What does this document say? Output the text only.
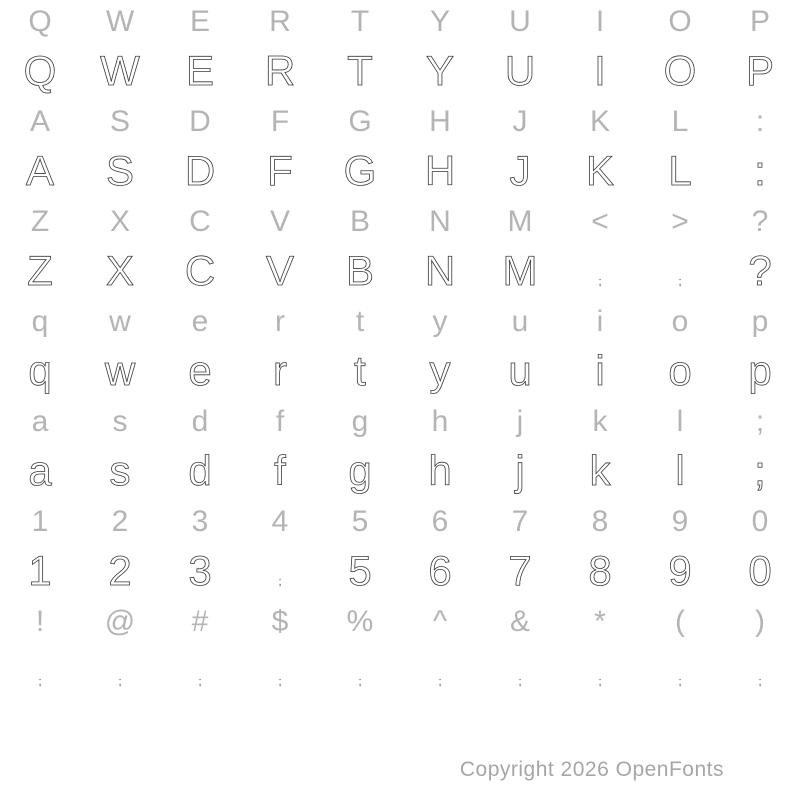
Q	W	E	R	T	Y	U	I	O	P
Q	W	E	R	T	Y	U	I	O	P
A	S	D	F	G	H	J	K	L	:
A	S	D	F	G	H	J	K	L	:
Z	X	C	V	B	N	M	<	>	?
Z	X	C	V	B	N	M	;	;	?
q	w	e	r	t	y	u	i	o	p
q	w	e	r	t	y	u	i	o	p
a	s	d	f	g	h	j	k	l	;
a	s	d	f	g	h	j	k	l	;
1	2	3	4	5	6	7	8	9	0
1	2	3	;	5	6	7	8	9	0
!	@	#	$	%	^	&	*	(	)
;	;	;	;	;	;	;	;	;	;
Copyright 2026 OpenFonts
